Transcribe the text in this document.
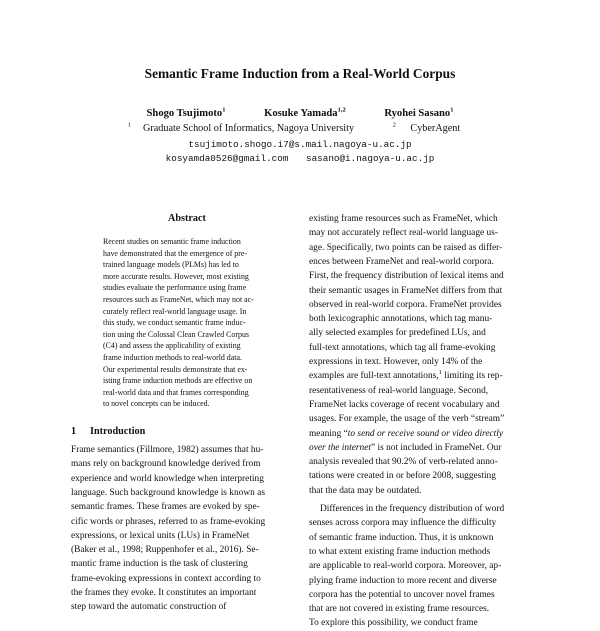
Semantic Frame Induction from a Real-World Corpus
Shogo Tsujimoto$^1$	Kosuke Yamada$^{1,2}$	Ryohei Sasano$^1$
$^1$ Graduate School of Informatics, Nagoya University	$^2$ CyberAgent
tsujimoto.shogo.i7@s.mail.nagoya-u.ac.jp
kosyamda0526@gmail.com sasano@i.nagoya-u.ac.jp
Abstract
Recent studies on semantic frame induction
have demonstrated that the emergence of pre-
trained language models (PLMs) has led to
more accurate results. However, most existing
studies evaluate the performance using frame
resources such as FrameNet, which may not ac-
curately reflect real-world language usage. In
this study, we conduct semantic frame induc-
tion using the Colossal Clean Crawled Corpus
(C4) and assess the applicability of existing
frame induction methods to real-world data.
Our experimental results demonstrate that ex-
isting frame induction methods are effective on
real-world data and that frames corresponding
to novel concepts can be induced.
1 Introduction
Frame semantics (Fillmore, 1982) assumes that hu-
mans rely on background knowledge derived from
experience and world knowledge when interpreting
language. Such background knowledge is known as
semantic frames. These frames are evoked by spe-
cific words or phrases, referred to as frame-evoking
expressions, or lexical units (LUs) in FrameNet
(Baker et al., 1998; Ruppenhofer et al., 2016). Se-
mantic frame induction is the task of clustering
frame-evoking expressions in context according to
the frames they evoke. It constitutes an important
step toward the automatic construction of
existing frame resources such as FrameNet, which
may not accurately reflect real-world language us-
age. Specifically, two points can be raised as differ-
ences between FrameNet and real-world corpora.
First, the frequency distribution of lexical items and
their semantic usages in FrameNet differs from that
observed in real-world corpora. FrameNet provides
both lexicographic annotations, which tag manu-
ally selected examples for predefined LUs, and
full-text annotations, which tag all frame-evoking
expressions in text. However, only 14% of the
examples are full-text annotations,$^1$ limiting its rep-
resentativeness of real-world language. Second,
FrameNet lacks coverage of recent vocabulary and
usages. For example, the usage of the verb “stream”
meaning “to send or receive sound or video directly
over the internet” is not included in FrameNet. Our
analysis revealed that 90.2% of verb-related anno-
tations were created in or before 2008, suggesting
that the data may be outdated.
Differences in the frequency distribution of word
senses across corpora may influence the difficulty
of semantic frame induction. Thus, it is unknown
to what extent existing frame induction methods
are applicable to real-world corpora. Moreover, ap-
plying frame induction to more recent and diverse
corpora has the potential to uncover novel frames
that are not covered in existing frame resources.
To explore this possibility, we conduct frame
